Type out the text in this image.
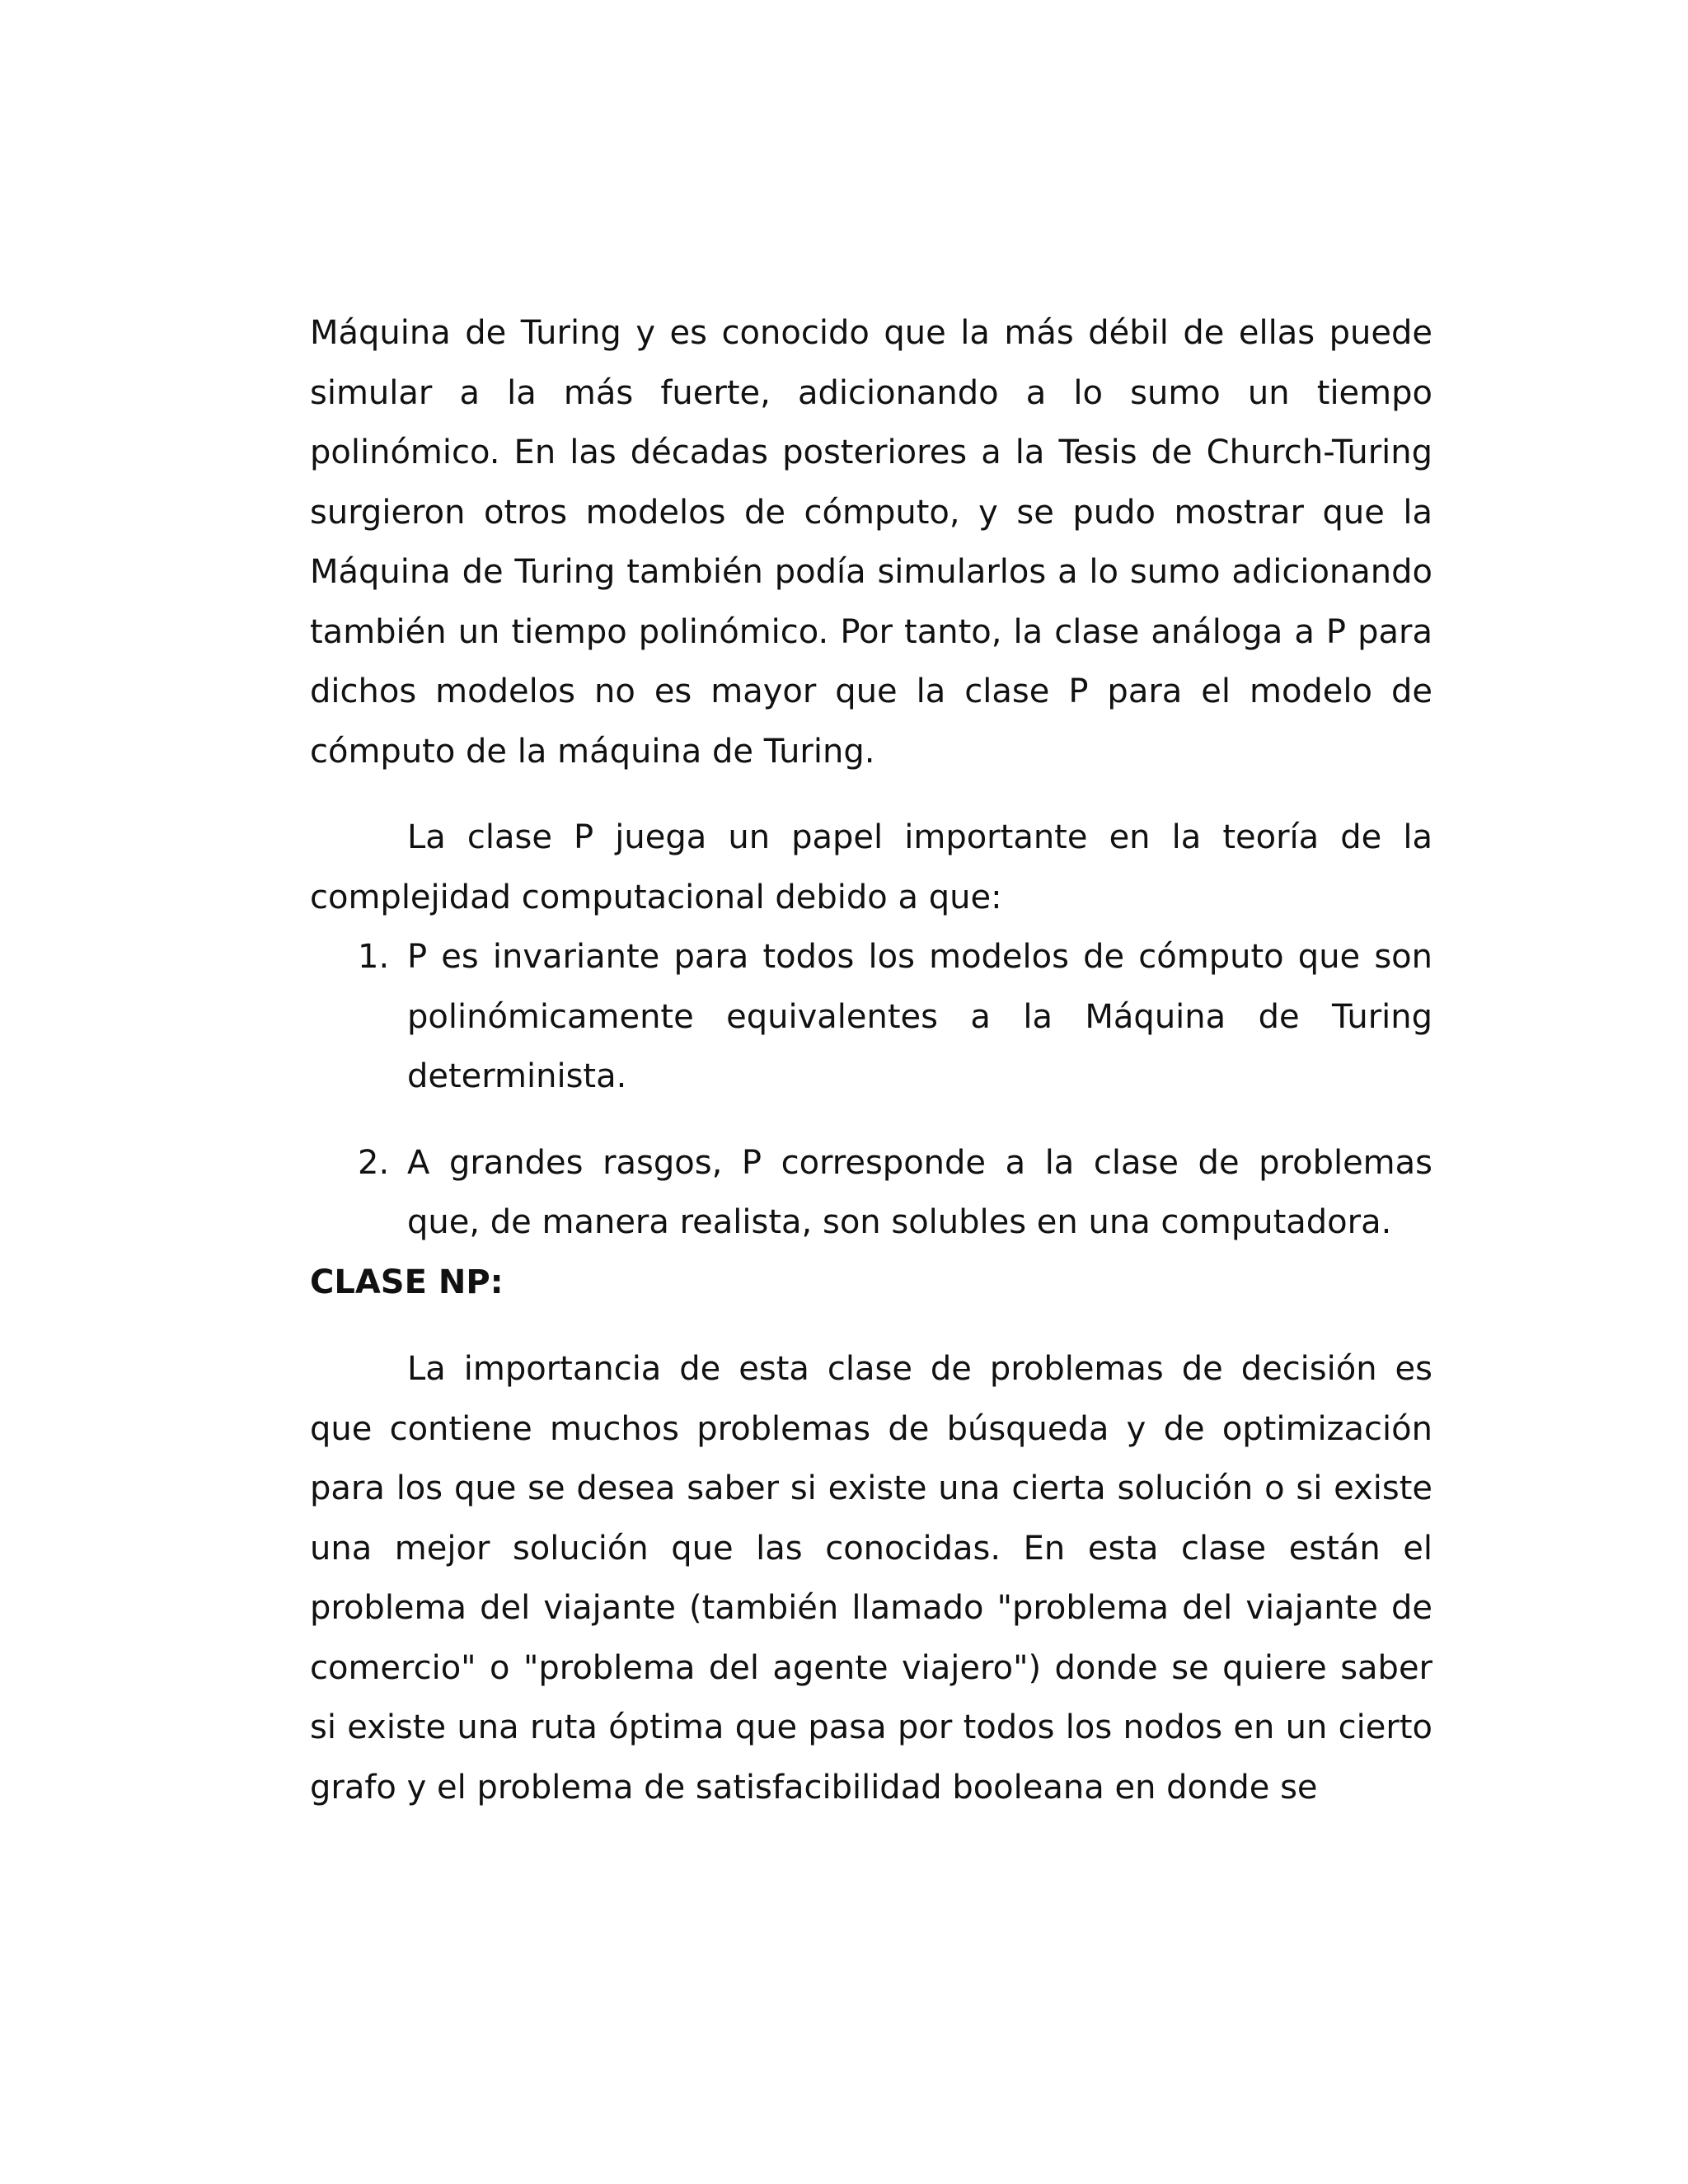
Máquina de Turing y es conocido que la más débil de ellas puede simular a la más fuerte, adicionando a lo sumo un tiempo polinómico. En las décadas posteriores a la Tesis de Church-Turing surgieron otros modelos de cómputo, y se pudo mostrar que la Máquina de Turing también podía simularlos a lo sumo adicionando también un tiempo polinómico. Por tanto, la clase análoga a P para dichos modelos no es mayor que la clase P para el modelo de cómputo de la máquina de Turing.

La clase P juega un papel importante en la teoría de la complejidad computacional debido a que:

1. P es invariante para todos los modelos de cómputo que son polinómicamente equivalentes a la Máquina de Turing determinista.
2. A grandes rasgos, P corresponde a la clase de problemas que, de manera realista, son solubles en una computadora.
CLASE NP:

La importancia de esta clase de problemas de decisión es que contiene muchos problemas de búsqueda y de optimización para los que se desea saber si existe una cierta solución o si existe una mejor solución que las conocidas. En esta clase están el problema del viajante (también llamado "problema del viajante de comercio" o "problema del agente viajero") donde se quiere saber si existe una ruta óptima que pasa por todos los nodos en un cierto grafo y el problema de satisfacibilidad booleana en donde se
